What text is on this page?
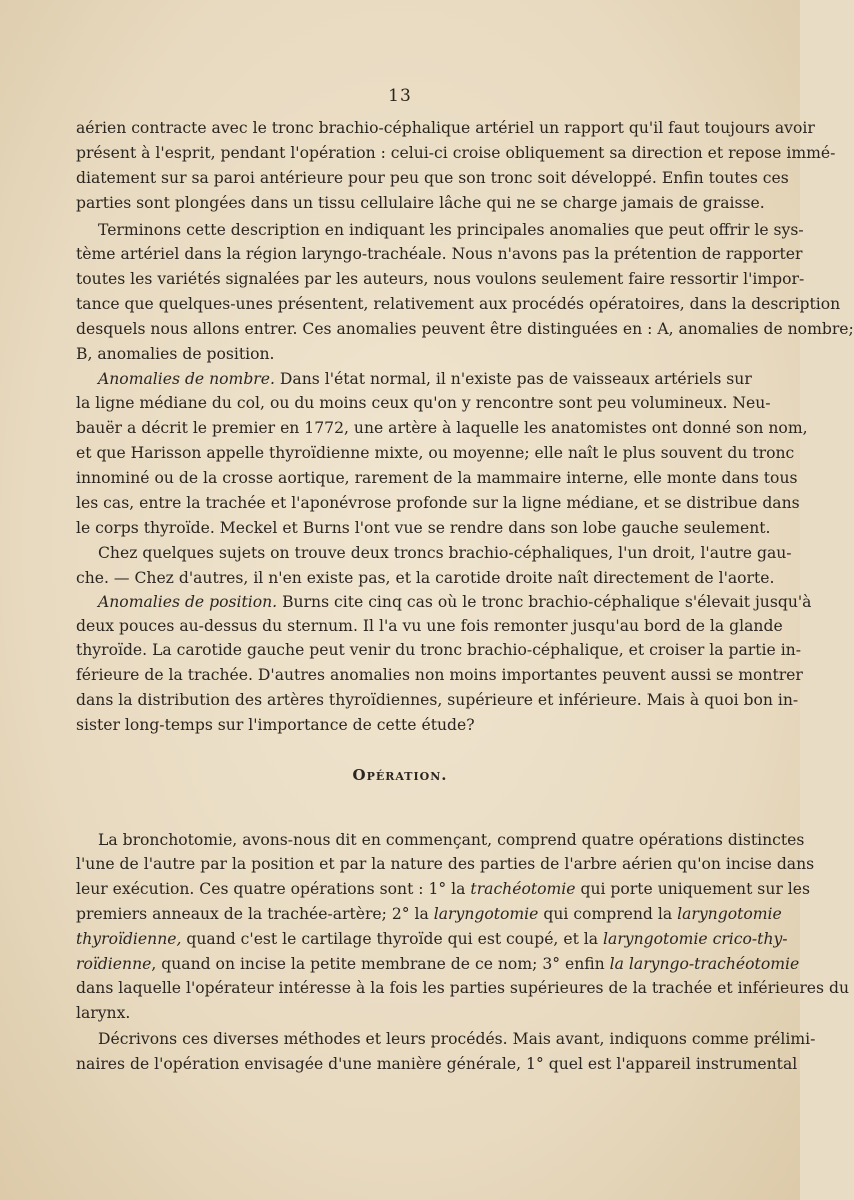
13
Opération.
aérien contracte avec le tronc brachio-céphalique artériel un rapport qu'il faut toujours avoir
présent à l'esprit, pendant l'opération : celui-ci croise obliquement sa direction et repose immé-
diatement sur sa paroi antérieure pour peu que son tronc soit développé. Enfin toutes ces
parties sont plongées dans un tissu cellulaire lâche qui ne se charge jamais de graisse.
Terminons cette description en indiquant les principales anomalies que peut offrir le sys-
tème artériel dans la région laryngo-trachéale. Nous n'avons pas la prétention de rapporter
toutes les variétés signalées par les auteurs, nous voulons seulement faire ressortir l'impor-
tance que quelques-unes présentent, relativement aux procédés opératoires, dans la description
desquels nous allons entrer. Ces anomalies peuvent être distinguées en : A, anomalies de nombre;
B, anomalies de position.
Anomalies de nombre. Dans l'état normal, il n'existe pas de vaisseaux artériels sur
la ligne médiane du col, ou du moins ceux qu'on y rencontre sont peu volumineux. Neu-
bauër a décrit le premier en 1772, une artère à laquelle les anatomistes ont donné son nom,
et que Harisson appelle thyroïdienne mixte, ou moyenne; elle naît le plus souvent du tronc
innominé ou de la crosse aortique, rarement de la mammaire interne, elle monte dans tous
les cas, entre la trachée et l'aponévrose profonde sur la ligne médiane, et se distribue dans
le corps thyroïde. Meckel et Burns l'ont vue se rendre dans son lobe gauche seulement.
Chez quelques sujets on trouve deux troncs brachio-céphaliques, l'un droit, l'autre gau-
che. — Chez d'autres, il n'en existe pas, et la carotide droite naît directement de l'aorte.
Anomalies de position. Burns cite cinq cas où le tronc brachio-céphalique s'élevait jusqu'à
deux pouces au-dessus du sternum. Il l'a vu une fois remonter jusqu'au bord de la glande
thyroïde. La carotide gauche peut venir du tronc brachio-céphalique, et croiser la partie in-
férieure de la trachée. D'autres anomalies non moins importantes peuvent aussi se montrer
dans la distribution des artères thyroïdiennes, supérieure et inférieure. Mais à quoi bon in-
sister long-temps sur l'importance de cette étude?
La bronchotomie, avons-nous dit en commençant, comprend quatre opérations distinctes
l'une de l'autre par la position et par la nature des parties de l'arbre aérien qu'on incise dans
leur exécution. Ces quatre opérations sont : 1° la trachéotomie qui porte uniquement sur les
premiers anneaux de la trachée-artère; 2° la laryngotomie qui comprend la laryngotomie
thyroïdienne, quand c'est le cartilage thyroïde qui est coupé, et la laryngotomie crico-thy-
roïdienne, quand on incise la petite membrane de ce nom; 3° enfin la laryngo-trachéotomie
dans laquelle l'opérateur intéresse à la fois les parties supérieures de la trachée et inférieures du
larynx.
Décrivons ces diverses méthodes et leurs procédés. Mais avant, indiquons comme prélimi-
naires de l'opération envisagée d'une manière générale, 1° quel est l'appareil instrumental
